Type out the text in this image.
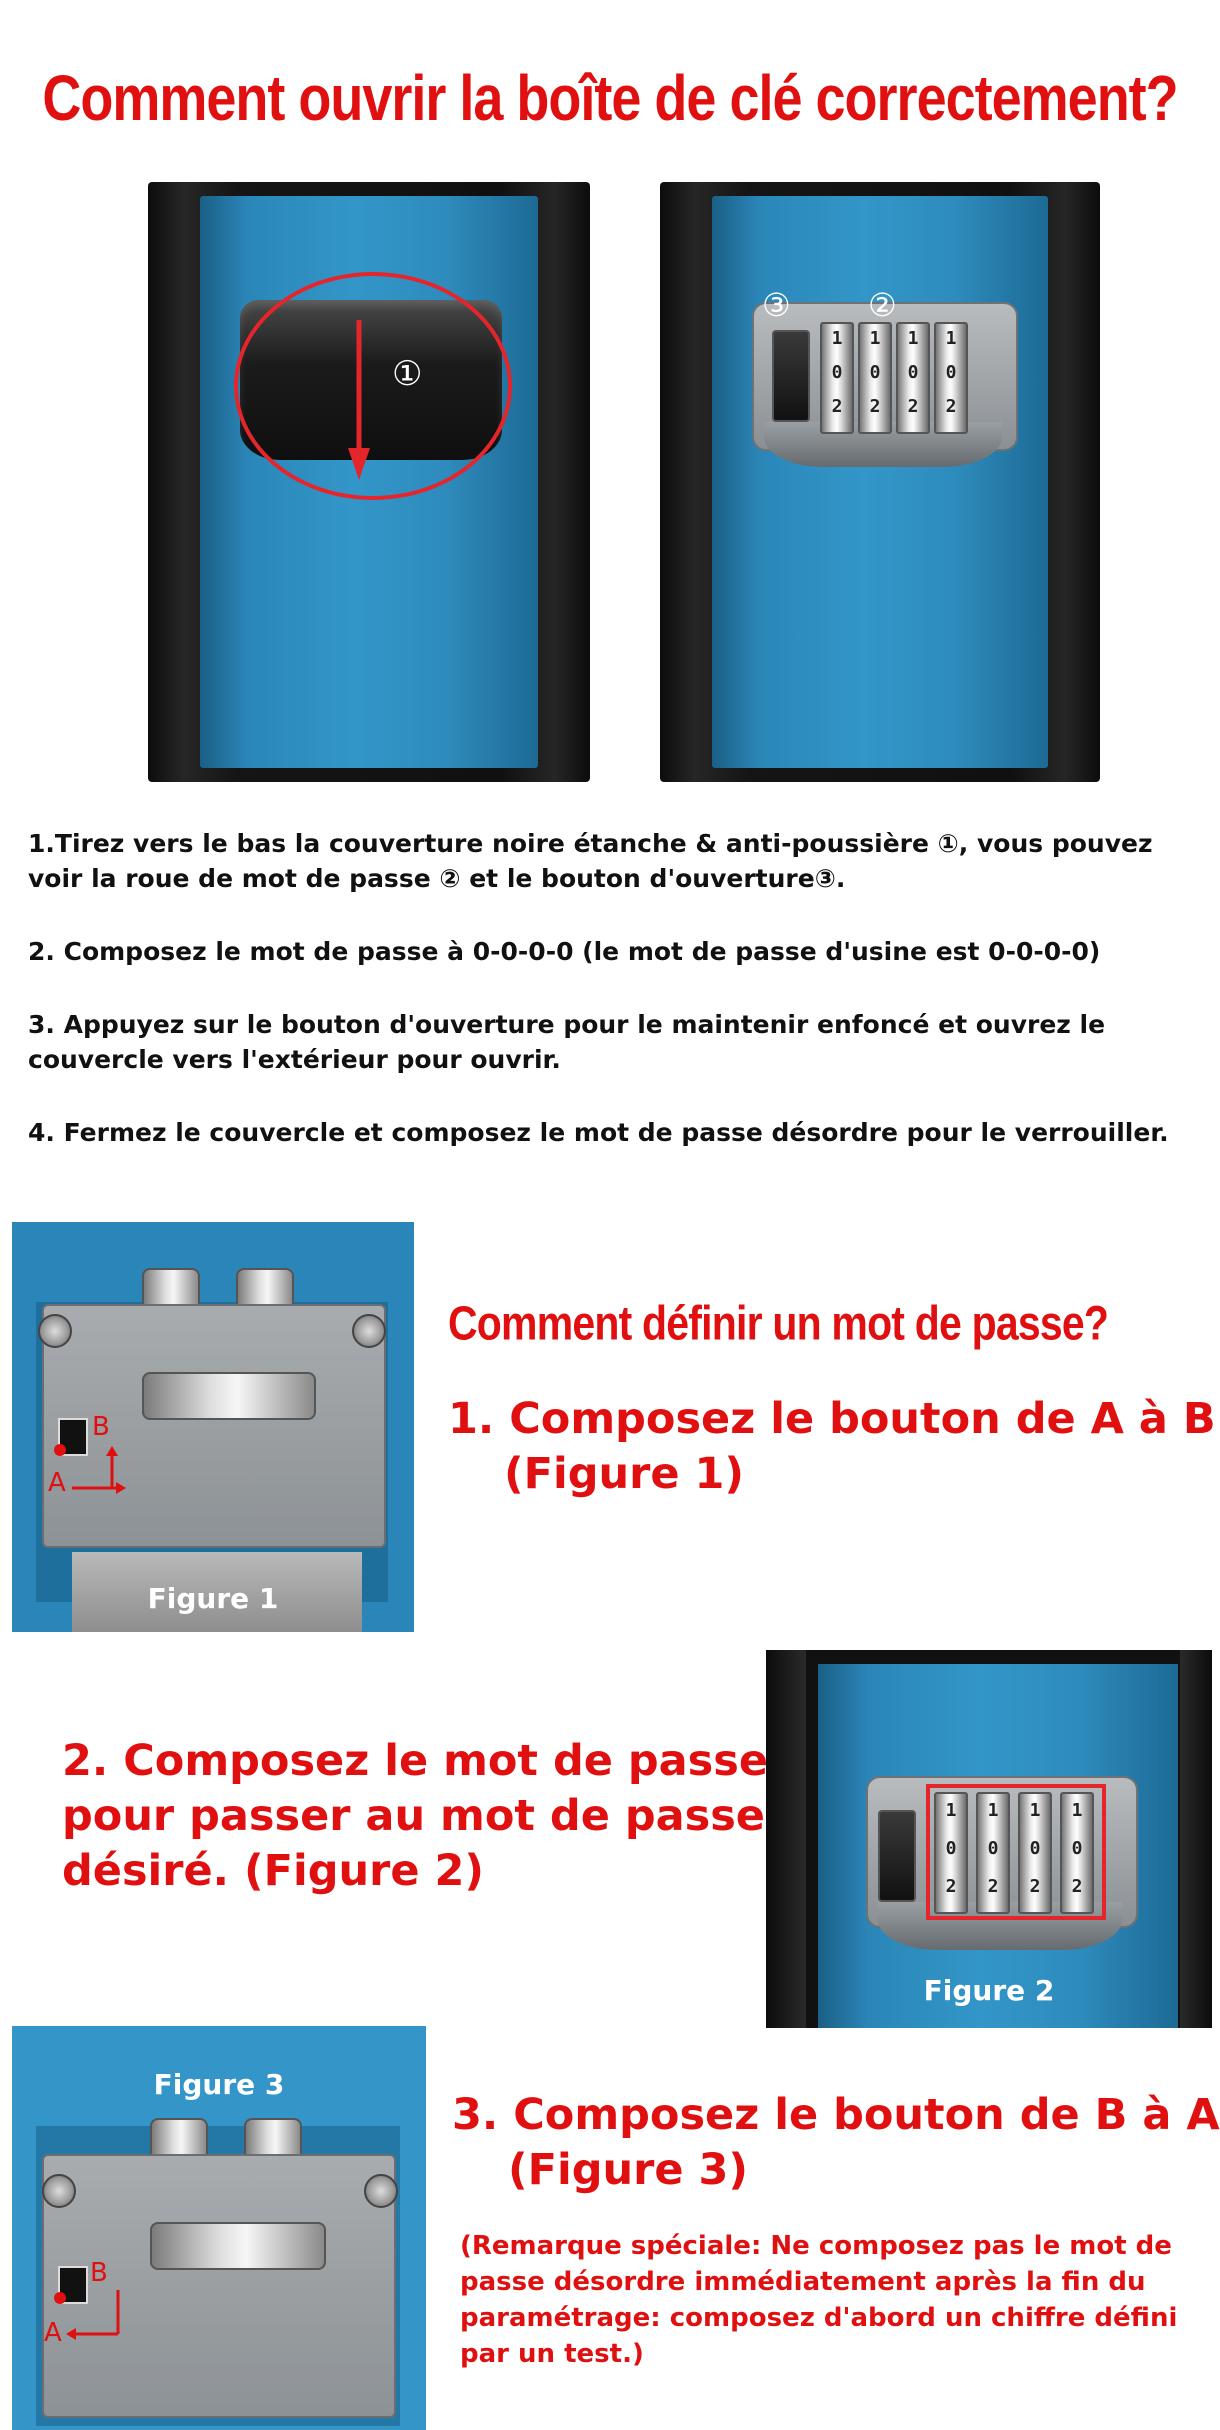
Comment ouvrir la boîte de clé correctement?
①
1
0
2
1
0
2
1
0
2
1
0
2
③ ②

1.Tirez vers le bas la couverture noire étanche & anti-poussière ①, vous pouvez voir la roue de mot de passe ② et le bouton d'ouverture③.

2. Composez le mot de passe à 0-0-0-0 (le mot de passe d'usine est 0-0-0-0)

3. Appuyez sur le bouton d'ouverture pour le maintenir enfoncé et ouvrez le couvercle vers l'extérieur pour ouvrir.

4. Fermez le couvercle et composez le mot de passe désordre pour le verrouiller.

B
A
Figure 1
Comment définir un mot de passe?
1. Composez le bouton de A à B
(Figure 1)
1
0
2
1
0
2
1
0
2
1
0
2
Figure 2
2. Composez le mot de passe
pour passer au mot de passe
désiré. (Figure 2)
Figure 3
B
A
3. Composez le bouton de B à A
(Figure 3)
(Remarque spéciale: Ne composez pas le mot de passe désordre immédiatement après la fin du paramétrage: composez d'abord un chiffre défini par un test.)
